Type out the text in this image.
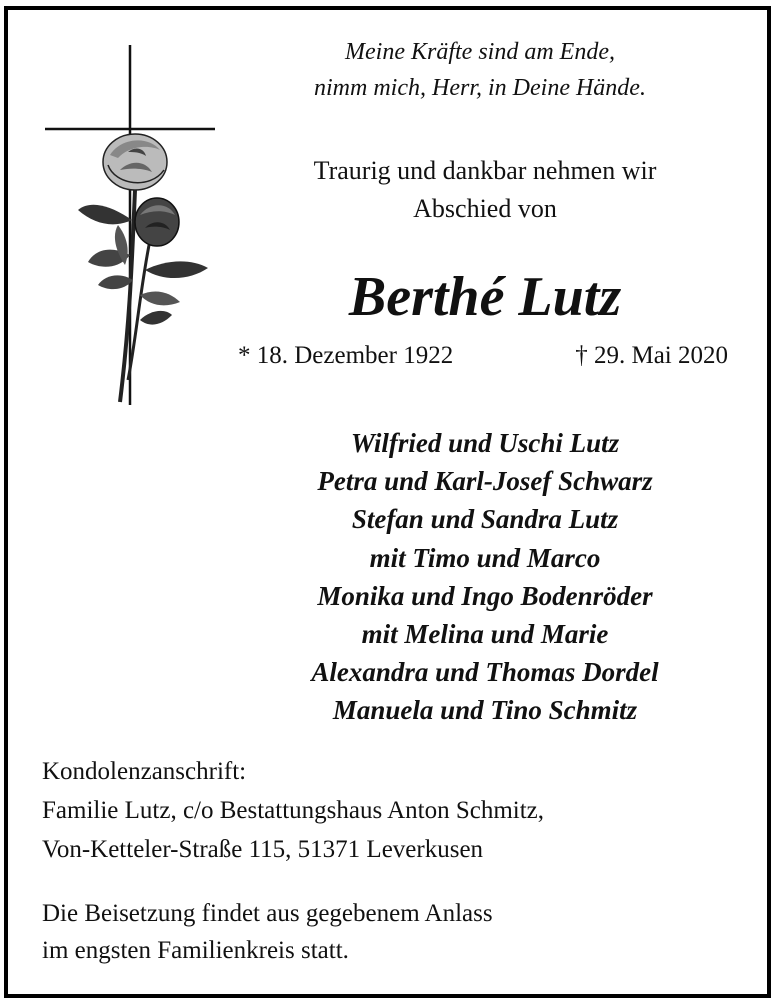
Meine Kräfte sind am Ende,
nimm mich, Herr, in Deine Hände.
Traurig und dankbar nehmen wir
Abschied von
Berthé Lutz
* 18. Dezember 1922	† 29. Mai 2020
Wilfried und Uschi Lutz
Petra und Karl-Josef Schwarz
Stefan und Sandra Lutz
mit Timo und Marco
Monika und Ingo Bodenröder
mit Melina und Marie
Alexandra und Thomas Dordel
Manuela und Tino Schmitz
Kondolenzanschrift:
Familie Lutz, c/o Bestattungshaus Anton Schmitz,
Von-Ketteler-Straße 115, 51371 Leverkusen
Die Beisetzung findet aus gegebenem Anlass
im engsten Familienkreis statt.
